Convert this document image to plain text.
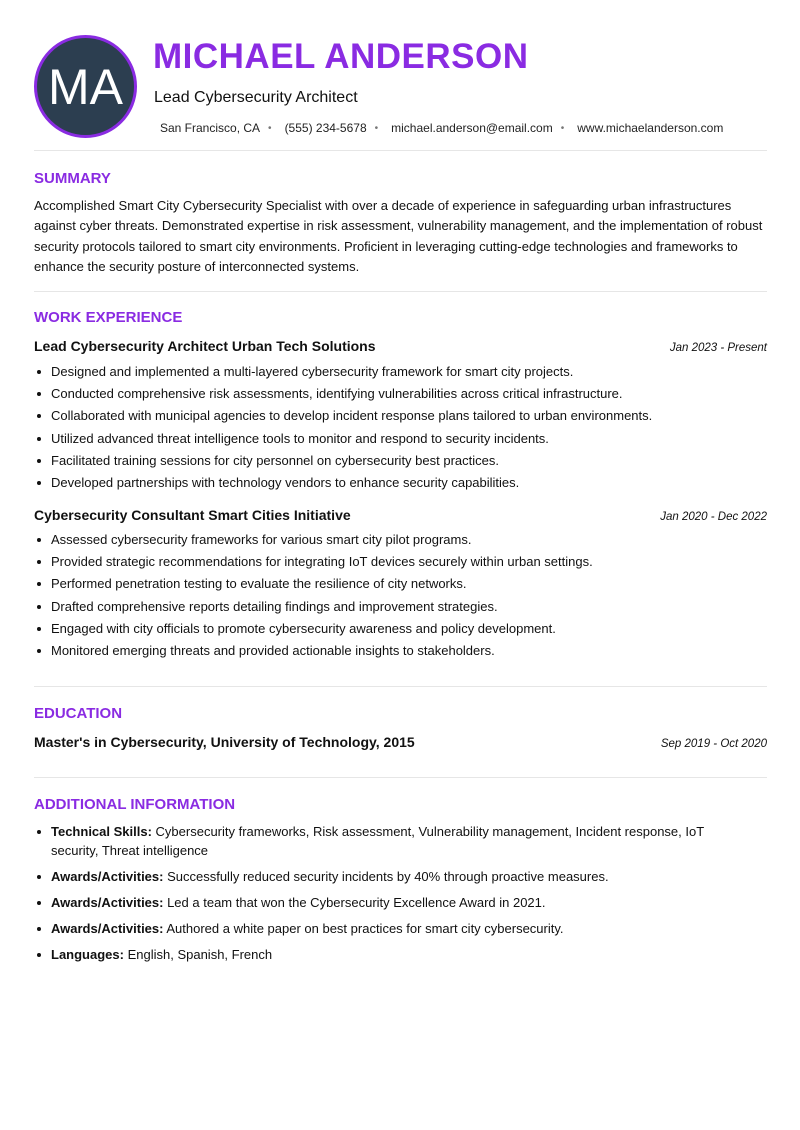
MA
MICHAEL ANDERSON
Lead Cybersecurity Architect
San Francisco, CA • (555) 234-5678 • michael.anderson@email.com • www.michaelanderson.com
SUMMARY

Accomplished Smart City Cybersecurity Specialist with over a decade of experience in safeguarding urban infrastructures against cyber threats. Demonstrated expertise in risk assessment, vulnerability management, and the implementation of robust security protocols tailored to smart city environments. Proficient in leveraging cutting-edge technologies and frameworks to enhance the security posture of interconnected systems.

WORK EXPERIENCE
Lead Cybersecurity Architect Urban Tech Solutions	Jan 2023 - Present
Designed and implemented a multi-layered cybersecurity framework for smart city projects.
Conducted comprehensive risk assessments, identifying vulnerabilities across critical infrastructure.
Collaborated with municipal agencies to develop incident response plans tailored to urban environments.
Utilized advanced threat intelligence tools to monitor and respond to security incidents.
Facilitated training sessions for city personnel on cybersecurity best practices.
Developed partnerships with technology vendors to enhance security capabilities.
Cybersecurity Consultant Smart Cities Initiative	Jan 2020 - Dec 2022
Assessed cybersecurity frameworks for various smart city pilot programs.
Provided strategic recommendations for integrating IoT devices securely within urban settings.
Performed penetration testing to evaluate the resilience of city networks.
Drafted comprehensive reports detailing findings and improvement strategies.
Engaged with city officials to promote cybersecurity awareness and policy development.
Monitored emerging threats and provided actionable insights to stakeholders.
EDUCATION
Master's in Cybersecurity, University of Technology, 2015	Sep 2019 - Oct 2020
ADDITIONAL INFORMATION
Technical Skills: Cybersecurity frameworks, Risk assessment, Vulnerability management, Incident response, IoT security, Threat intelligence
Awards/Activities: Successfully reduced security incidents by 40% through proactive measures.
Awards/Activities: Led a team that won the Cybersecurity Excellence Award in 2021.
Awards/Activities: Authored a white paper on best practices for smart city cybersecurity.
Languages: English, Spanish, French
